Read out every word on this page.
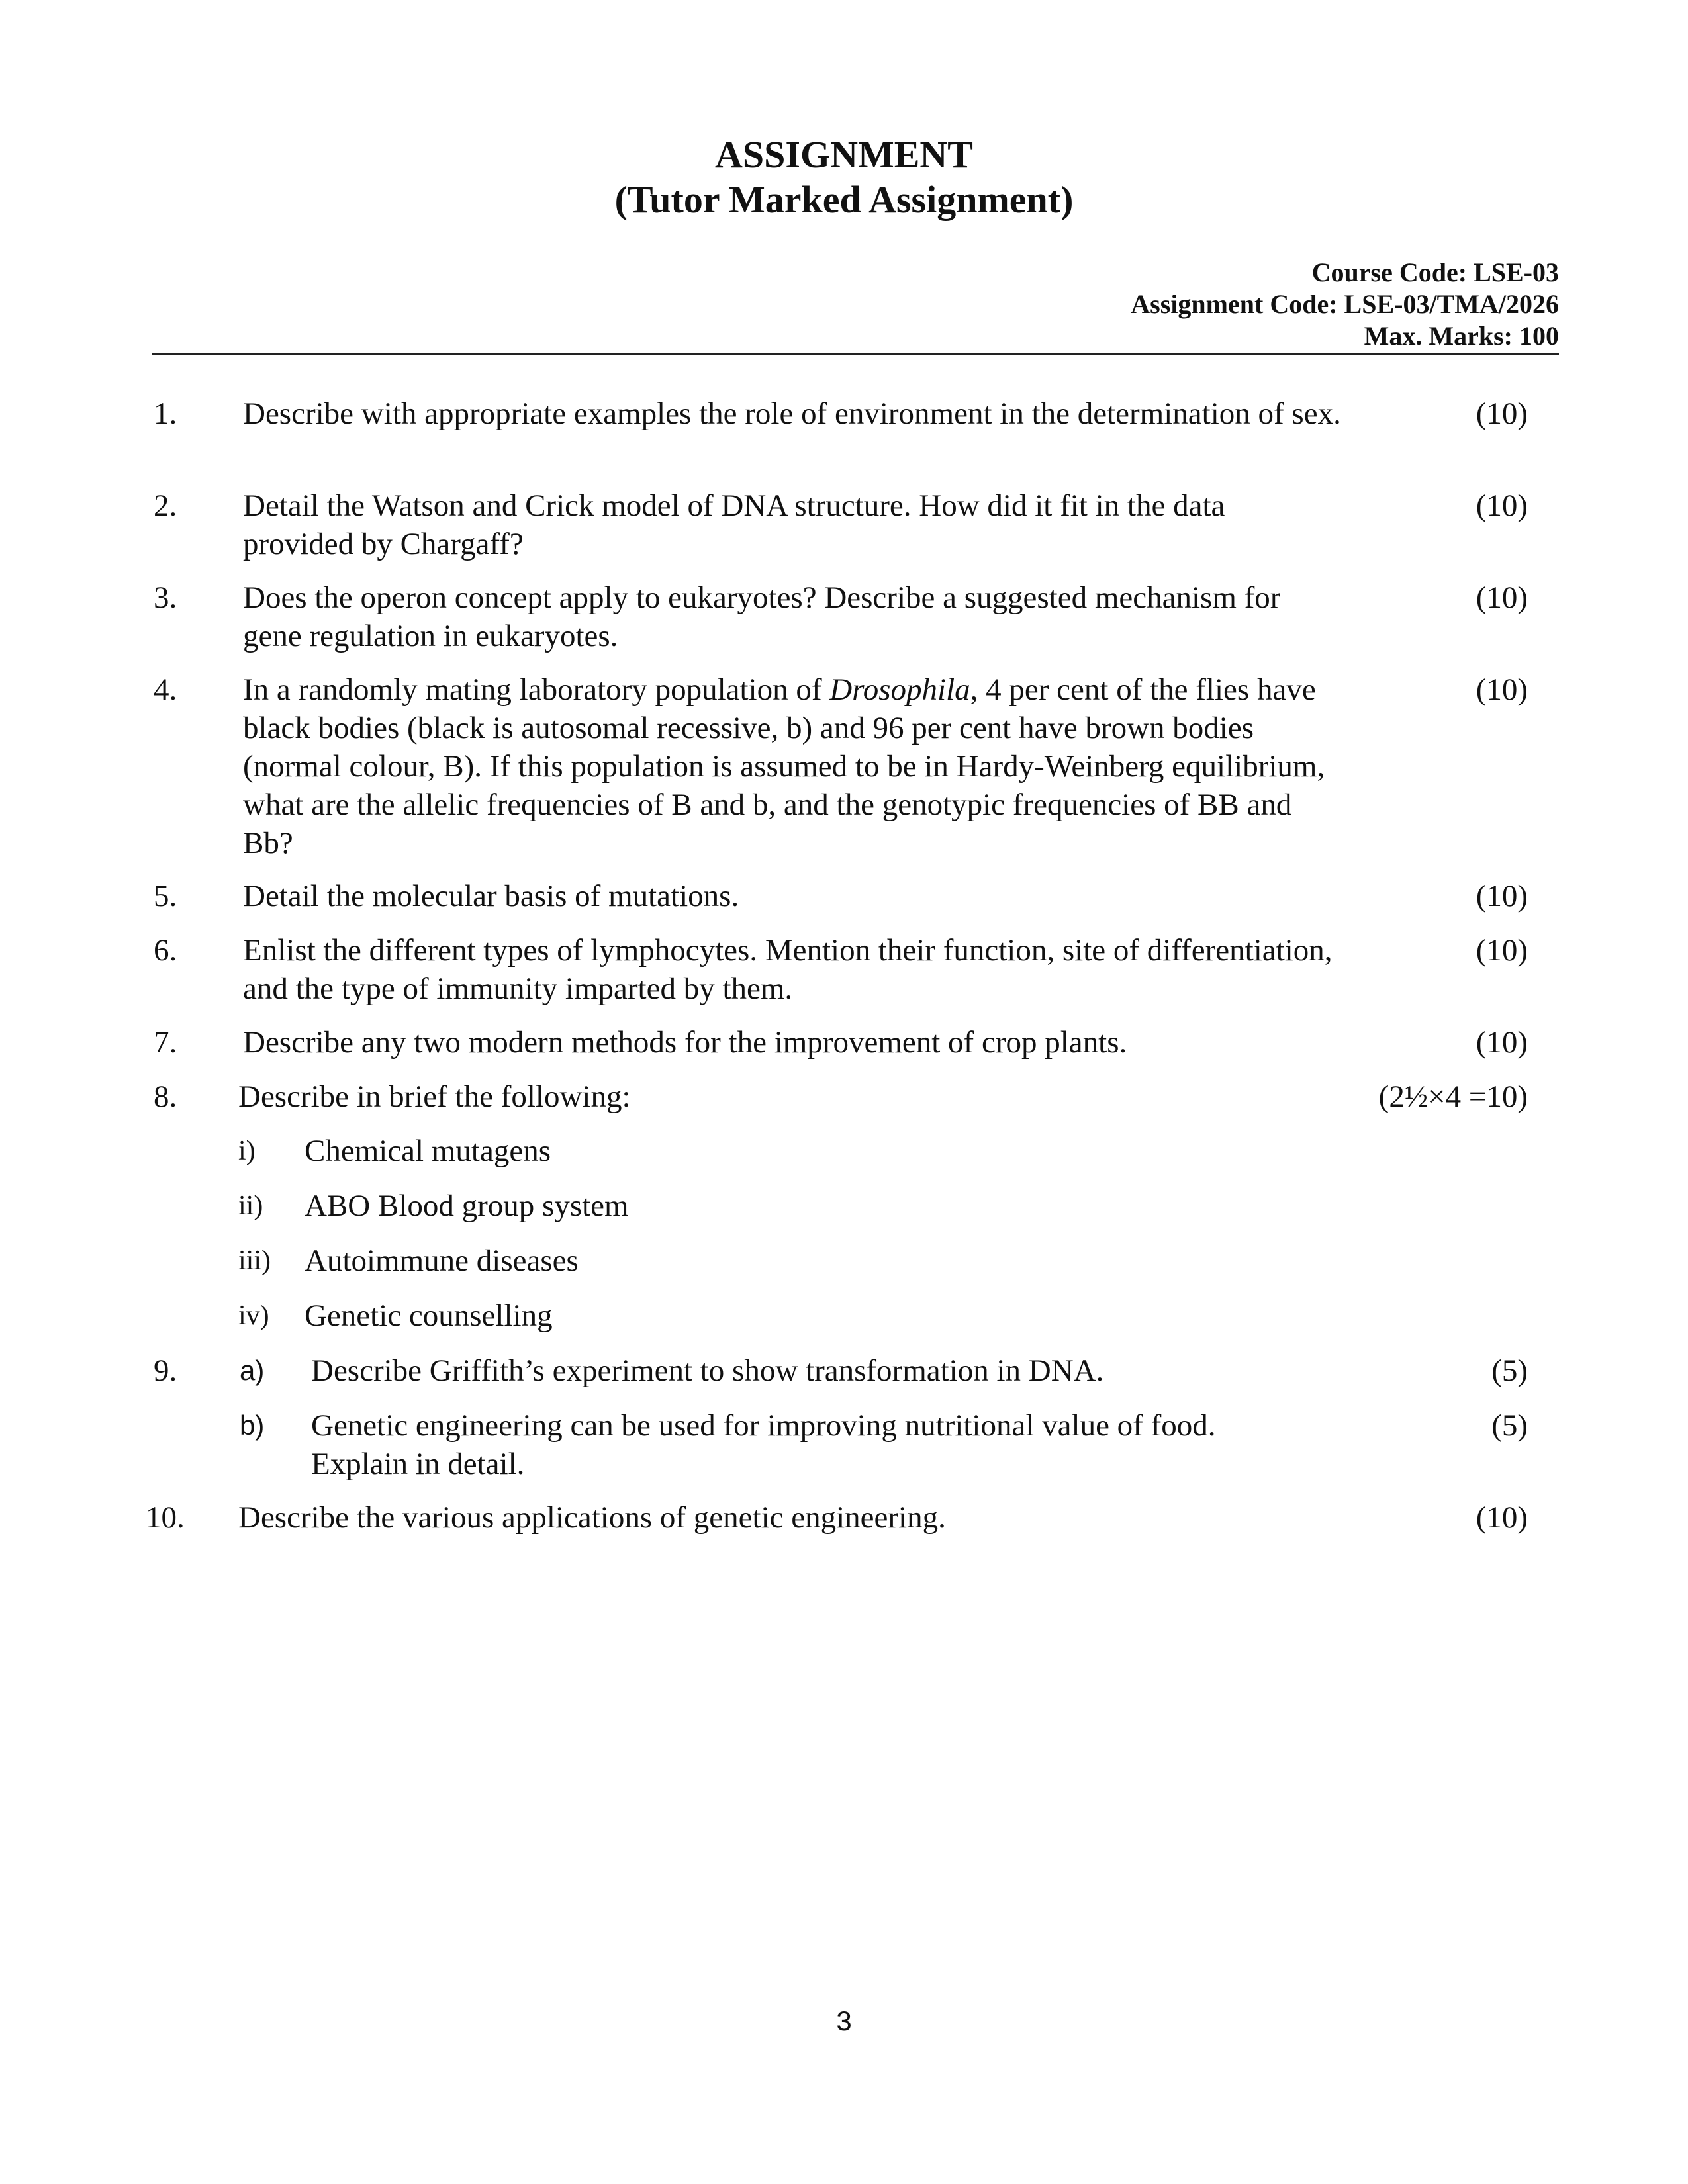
ASSIGNMENT
(Tutor Marked Assignment)
Course Code: LSE-03
Assignment Code: LSE-03/TMA/2026
Max. Marks: 100
1. Describe with appropriate examples the role of environment in the determination of sex.	(10)
2. Detail the Watson and Crick model of DNA structure. How did it fit in the data provided by Chargaff?
(10)
3. Does the operon concept apply to eukaryotes? Describe a suggested mechanism for gene regulation in eukaryotes.
(10)
4. In a randomly mating laboratory population of Drosophila, 4 per cent of the flies have black bodies (black is autosomal recessive, b) and 96 per cent have brown bodies (normal colour, B). If this population is assumed to be in Hardy-Weinberg equilibrium, what are the allelic frequencies of B and b, and the genotypic frequencies of BB and Bb?
(10)
5. Detail the molecular basis of mutations.	(10)
6. Enlist the different types of lymphocytes. Mention their function, site of differentiation, and the type of immunity imparted by them.
(10)
7. Describe any two modern methods for the improvement of crop plants.	(10)
8. Describe in brief the following:	(2½×4 =10)
i) Chemical mutagens
ii) ABO Blood group system
iii) Autoimmune diseases
iv) Genetic counselling
9. a) Describe Griffith’s experiment to show transformation in DNA.	(5)
b) Genetic engineering can be used for improving nutritional value of food. Explain in detail.
(5)
10. Describe the various applications of genetic engineering.	(10)
3
